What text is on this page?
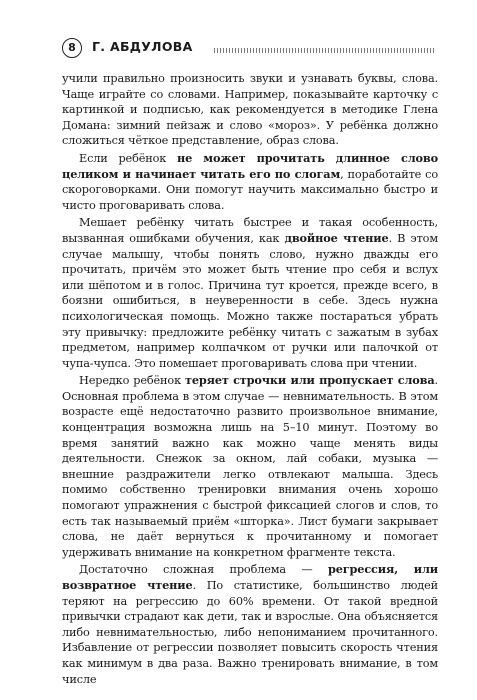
8	Г. АБДУЛОВА

учили правильно произносить звуки и узнавать буквы, слова. Чаще играйте со словами. Например, показывайте карточку с картинкой и подписью, как рекомендуется в методике Глена Домана: зимний пейзаж и слово «мороз». У ребёнка должно сложиться чёткое представление, образ слова.

Если ребёнок не может прочитать длинное слово целиком и начинает читать его по слогам, поработайте со скороговорками. Они помогут научить максимально быстро и чисто проговаривать слова.

Мешает ребёнку читать быстрее и такая особенность, вызванная ошибками обучения, как двойное чтение. В этом случае малышу, чтобы понять слово, нужно дважды его прочитать, причём это может быть чтение про себя и вслух или шёпотом и в голос. Причина тут кроется, прежде всего, в боязни ошибиться, в неуверенности в себе. Здесь нужна психологическая помощь. Можно также постараться убрать эту привычку: предложите ребёнку читать с зажатым в зубах предметом, например колпачком от ручки или палочкой от чупа-чупса. Это помешает проговаривать слова при чтении.

Нередко ребёнок теряет строчки или пропускает слова. Основная проблема в этом случае — невнимательность. В этом возрасте ещё недостаточно развито произвольное внимание, концентрация возможна лишь на 5–10 минут. Поэтому во время занятий важно как можно чаще менять виды деятельности. Снежок за окном, лай собаки, музыка — внешние раздражители легко отвлекают малыша. Здесь помимо собственно тренировки внимания очень хорошо помогают упражнения с быстрой фиксацией слогов и слов, то есть так называемый приём «шторка». Лист бумаги закрывает слова, не даёт вернуться к прочитанному и помогает удерживать внимание на конкретном фрагменте текста.

Достаточно сложная проблема — регрессия, или возвратное чтение. По статистике, большинство людей теряют на регрессию до 60% времени. От такой вредной привычки страдают как дети, так и взрослые. Она объясняется либо невнимательностью, либо непониманием прочитанного. Избавление от регрессии позволяет повысить скорость чтения как минимум в два раза. Важно тренировать внимание, в том числе
